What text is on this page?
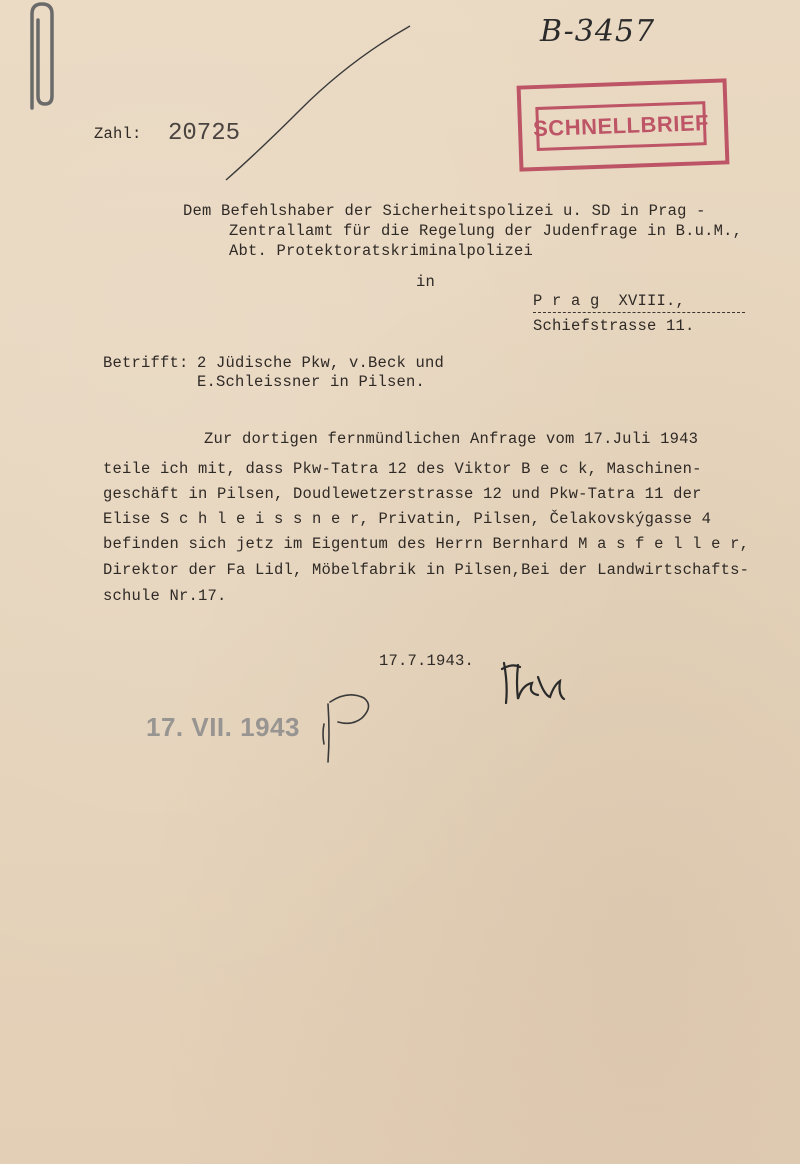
B-3457
SCHNELLBRIEF
Zahl: 20725
Dem Befehlshaber der Sicherheitspolizei u. SD in Prag -
Zentrallamt für die Regelung der Judenfrage in B.u.M.,
Abt. Protektoratskriminalpolizei
in
P r a g  XVIII.,
Schiefstrasse 11.
Betrifft: 2 Jüdische Pkw, v.Beck und
E.Schleissner in Pilsen.
Zur dortigen fernmündlichen Anfrage vom 17.Juli 1943
teile ich mit, dass Pkw-Tatra 12 des Viktor B e c k, Maschinen-
geschäft in Pilsen, Doudlewetzerstrasse 12 und Pkw-Tatra 11 der
Elise S c h l e i s s n e r, Privatin, Pilsen, Čelakovskýgasse 4
befinden sich jetz im Eigentum des Herrn Bernhard M a s f e l l e r,
Direktor der Fa Lidl, Möbelfabrik in Pilsen,Bei der Landwirtschafts-
schule Nr.17.
17.7.1943.
17. VII. 1943
